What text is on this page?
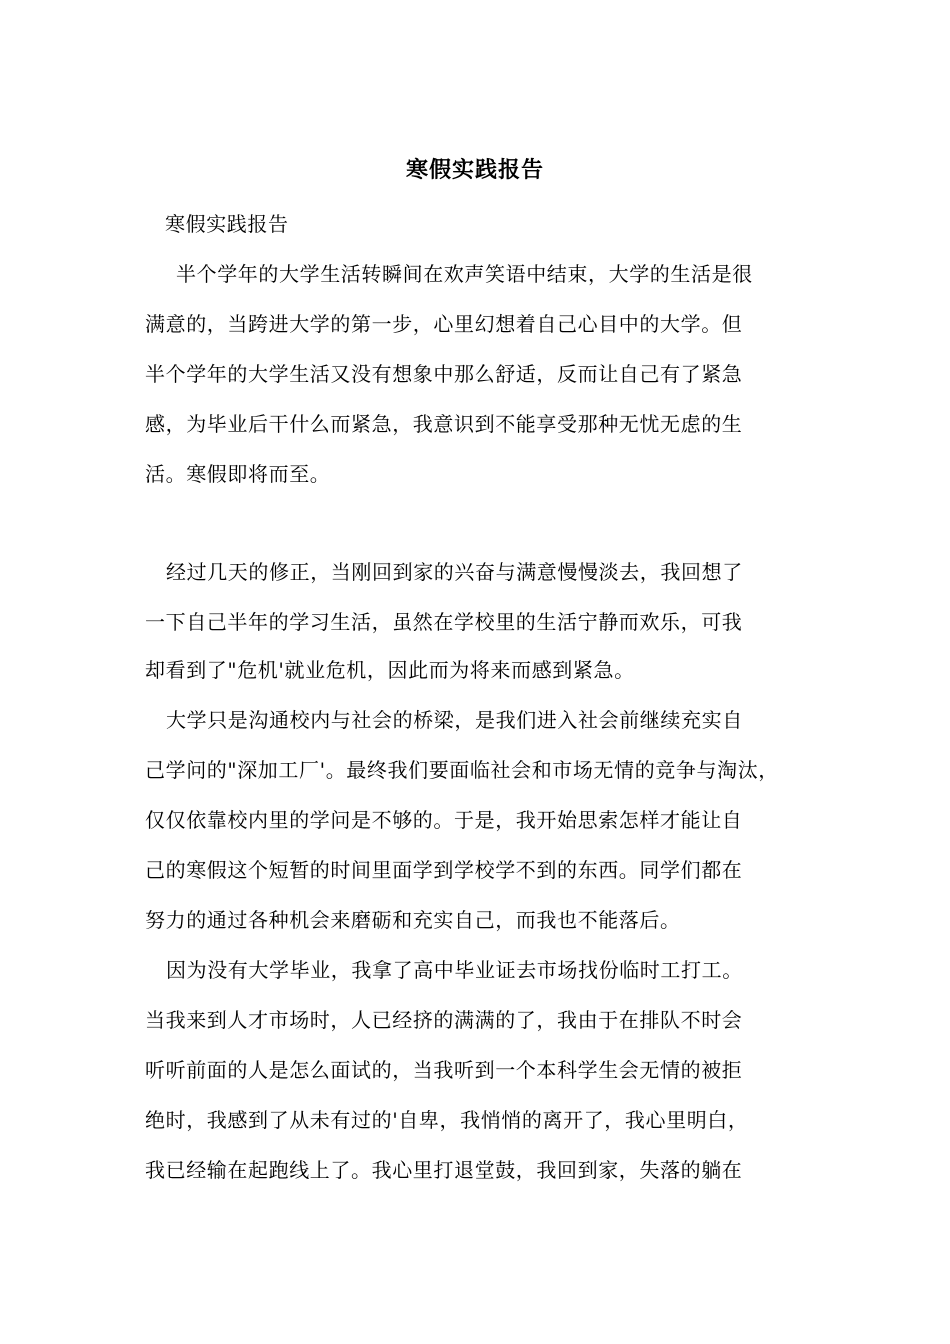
寒假实践报告
寒假实践报告
半个学年的大学生活转瞬间在欢声笑语中结束，大学的生活是很
满意的，当跨进大学的第一步，心里幻想着自己心目中的大学。但
半个学年的大学生活又没有想象中那么舒适，反而让自己有了紧急
感，为毕业后干什么而紧急，我意识到不能享受那种无忧无虑的生
活。寒假即将而至。
经过几天的修正，当刚回到家的兴奋与满意慢慢淡去，我回想了
一下自己半年的学习生活，虽然在学校里的生活宁静而欢乐，可我
却看到了"危机'就业危机，因此而为将来而感到紧急。
大学只是沟通校内与社会的桥梁，是我们进入社会前继续充实自
己学问的"深加工厂'。最终我们要面临社会和市场无情的竞争与淘汰，
仅仅依靠校内里的学问是不够的。于是，我开始思索怎样才能让自
己的寒假这个短暂的时间里面学到学校学不到的东西。同学们都在
努力的通过各种机会来磨砺和充实自己，而我也不能落后。
因为没有大学毕业，我拿了高中毕业证去市场找份临时工打工。
当我来到人才市场时，人已经挤的满满的了，我由于在排队不时会
听听前面的人是怎么面试的，当我听到一个本科学生会无情的被拒
绝时，我感到了从未有过的'自卑，我悄悄的离开了，我心里明白，
我已经输在起跑线上了。我心里打退堂鼓，我回到家，失落的躺在
